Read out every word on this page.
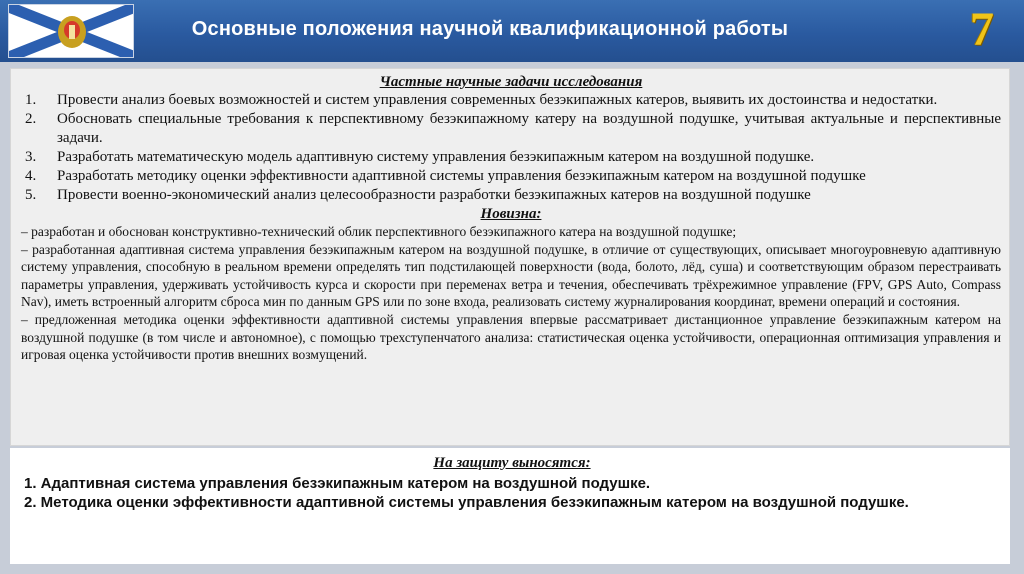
Основные положения научной квалификационной работы	7

Частные научные задачи исследования

1. Провести анализ боевых возможностей и систем управления современных безэкипажных катеров, выявить их достоинства и недостатки.
2. Обосновать специальные требования к перспективному безэкипажному катеру на воздушной подушке, учитывая актуальные и перспективные задачи.
3. Разработать математическую модель адаптивную систему управления безэкипажным катером на воздушной подушке.
4. Разработать методику оценки эффективности адаптивной системы управления безэкипажным катером на воздушной подушке
5. Провести военно-экономический анализ целесообразности разработки безэкипажных катеров на воздушной подушке

Новизна:

– разработан и обоснован конструктивно-технический облик перспективного безэкипажного катера на воздушной подушке;

– разработанная адаптивная система управления безэкипажным катером на воздушной подушке, в отличие от существующих, описывает многоуровневую адаптивную систему управления, способную в реальном времени определять тип подстилающей поверхности (вода, болото, лёд, суша) и соответствующим образом перестраивать параметры управления, удерживать устойчивость курса и скорости при переменах ветра и течения, обеспечивать трёхрежимное управление (FPV, GPS Auto, Compass Nav), иметь встроенный алгоритм сброса мин по данным GPS или по зоне входа, реализовать систему журналирования координат, времени операций и состояния.

– предложенная методика оценки эффективности адаптивной системы управления впервые рассматривает дистанционное управление безэкипажным катером на воздушной подушке (в том числе и автономное), с помощью трехступенчатого анализа: статистическая оценка устойчивости, операционная оптимизация управления и игровая оценка устойчивости против внешних возмущений.

На защиту выносятся:

1. Адаптивная система управления безэкипажным катером на воздушной подушке.

2. Методика оценки эффективности адаптивной системы управления безэкипажным катером на воздушной подушке.
